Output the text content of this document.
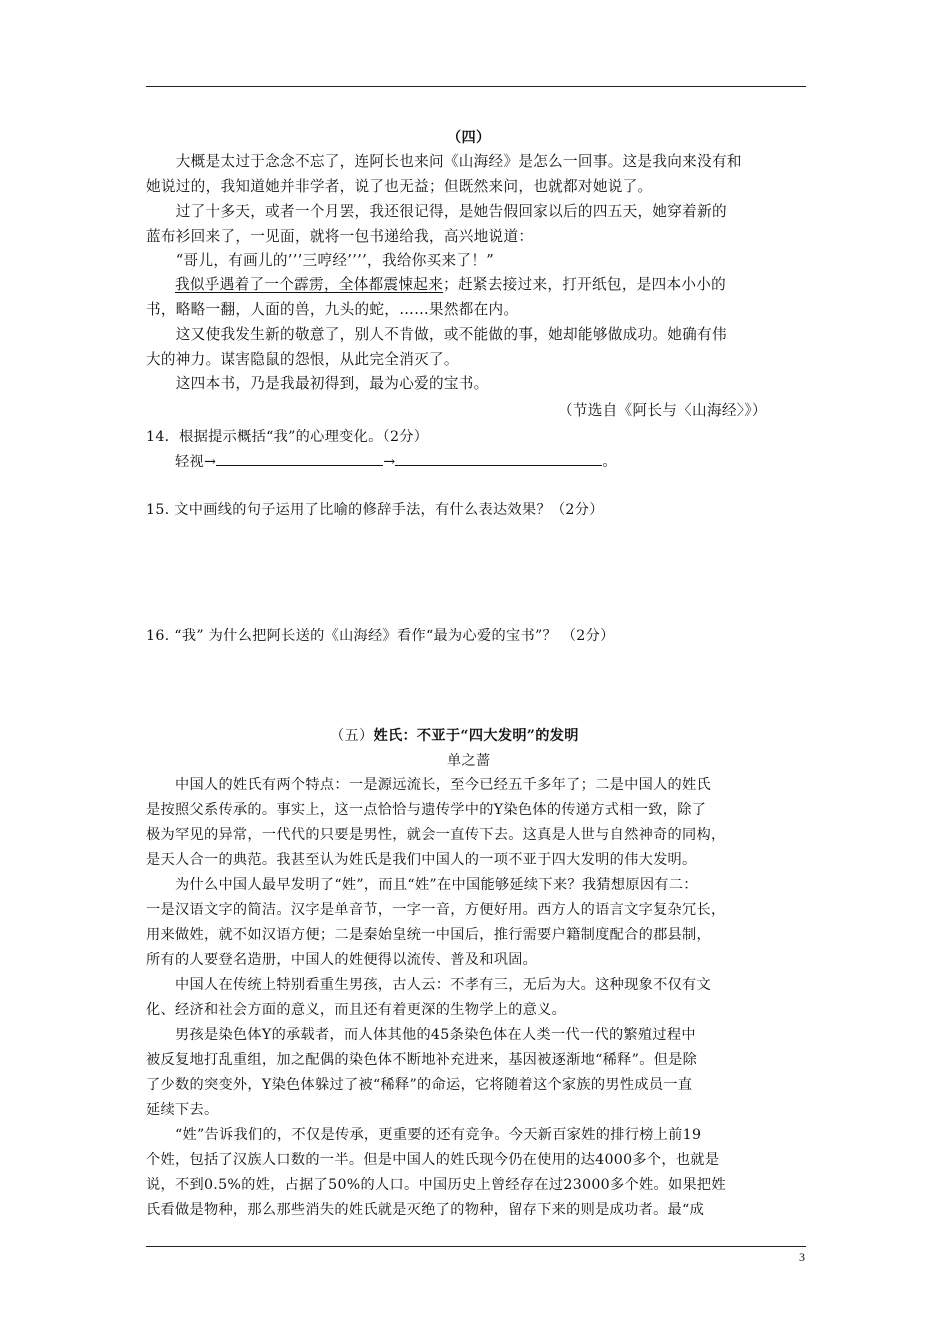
（四）
　　大概是太过于念念不忘了，连阿长也来问《山海经》是怎么一回事。这是我向来没有和
她说过的，我知道她并非学者，说了也无益；但既然来问，也就都对她说了。
　　过了十多天，或者一个月罢，我还很记得，是她告假回家以后的四五天，她穿着新的
蓝布衫回来了，一见面，就将一包书递给我，高兴地说道：
　　“哥儿，有画儿的’’’三哼经’’’’，我给你买来了！”
我似乎遇着了一个霹雳，全体都震悚起来；赶紧去接过来，打开纸包，是四本小小的
书，略略一翻，人面的兽，九头的蛇，……果然都在内。
　　这又使我发生新的敬意了，别人不肯做，或不能做的事，她却能够做成功。她确有伟
大的神力。谋害隐鼠的怨恨，从此完全消灭了。
　　这四本书，乃是我最初得到，最为心爱的宝书。
（节选自《阿长与〈山海经〉》）
14．根据提示概括“我”的心理变化。（2分）
轻视→	→	。
15. 文中画线的句子运用了比喻的修辞手法，有什么表达效果？（2分）
16. “我” 为什么把阿长送的《山海经》看作“最为心爱的宝书”？ （2分）
（五）姓氏：不亚于“四大发明”的发明
单之蔷
　　中国人的姓氏有两个特点：一是源远流长，至今已经五千多年了；二是中国人的姓氏
是按照父系传承的。事实上，这一点恰恰与遗传学中的Y染色体的传递方式相一致，除了
极为罕见的异常，一代代的只要是男性，就会一直传下去。这真是人世与自然神奇的同构，
是天人合一的典范。我甚至认为姓氏是我们中国人的一项不亚于四大发明的伟大发明。
　　为什么中国人最早发明了“姓”，而且“姓”在中国能够延续下来？我猜想原因有二：
一是汉语文字的简洁。汉字是单音节，一字一音，方便好用。西方人的语言文字复杂冗长，
用来做姓，就不如汉语方便；二是秦始皇统一中国后，推行需要户籍制度配合的郡县制，
所有的人要登名造册，中国人的姓便得以流传、普及和巩固。
　　中国人在传统上特别看重生男孩，古人云：不孝有三，无后为大。这种现象不仅有文
化、经济和社会方面的意义，而且还有着更深的生物学上的意义。
　　男孩是染色体Y的承载者，而人体其他的45条染色体在人类一代一代的繁殖过程中
被反复地打乱重组，加之配偶的染色体不断地补充进来，基因被逐渐地“稀释”。但是除
了少数的突变外，Y染色体躲过了被“稀释”的命运，它将随着这个家族的男性成员一直
延续下去。
　　“姓”告诉我们的，不仅是传承，更重要的还有竞争。今天新百家姓的排行榜上前19
个姓，包括了汉族人口数的一半。但是中国人的姓氏现今仍在使用的达4000多个，也就是
说，不到0.5%的姓，占据了50%的人口。中国历史上曾经存在过23000多个姓。如果把姓
氏看做是物种，那么那些消失的姓氏就是灭绝了的物种，留存下来的则是成功者。最“成
3
